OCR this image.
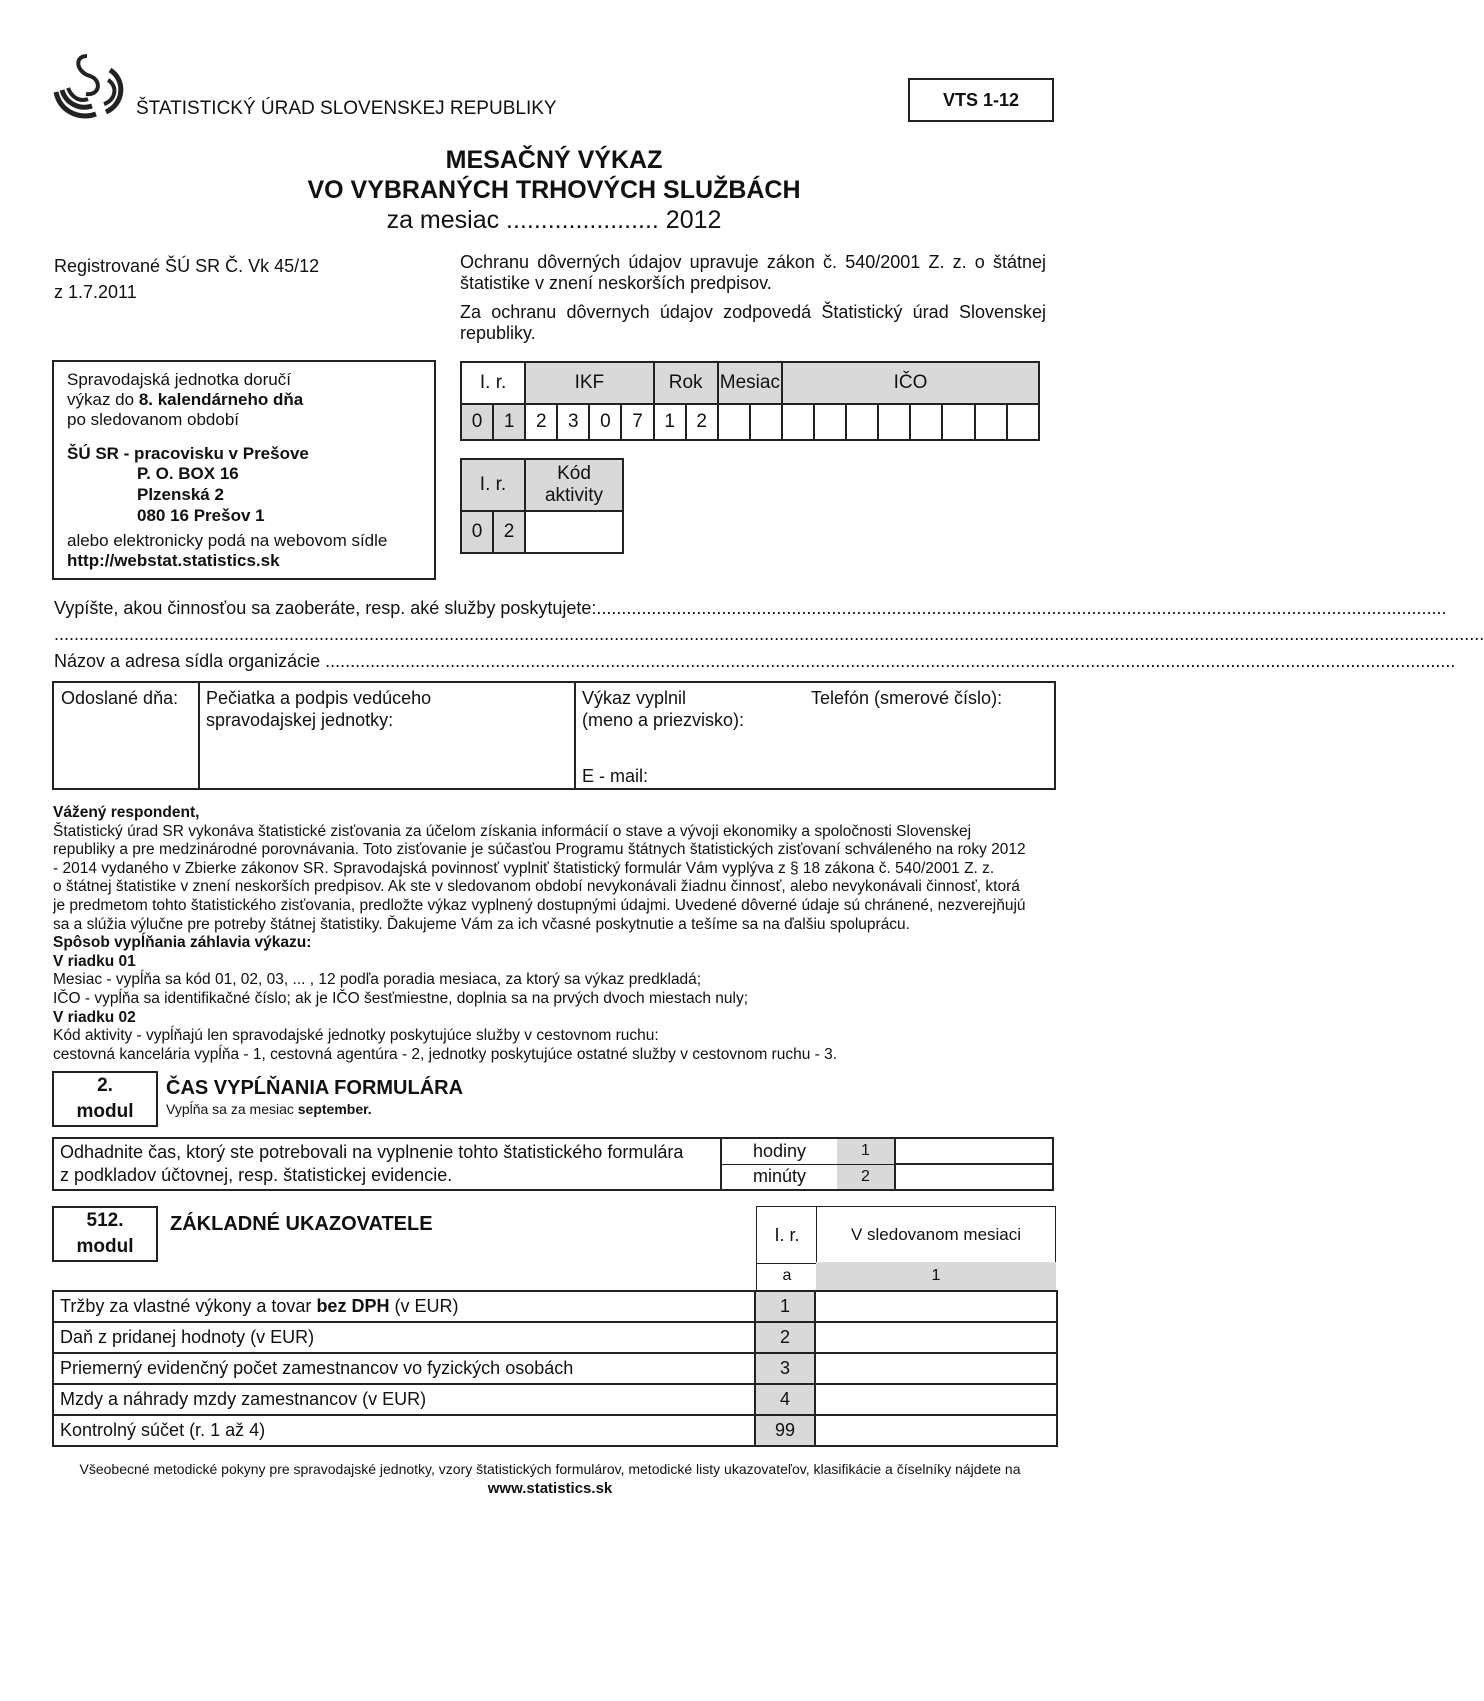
ŠTATISTICKÝ ÚRAD SLOVENSKEJ REPUBLIKY	VTS 1-12
MESAČNÝ VÝKAZ
VO VYBRANÝCH TRHOVÝCH SLUŽBÁCH
za mesiac ...................... 2012
Registrované ŠÚ SR Č. Vk 45/12
z 1.7.2011
Ochranu dôverných údajov upravuje zákon č. 540/2001 Z. z. o štátnej štatistike v znení neskorších predpisov.
Za ochranu dôvernych údajov zodpovedá Štatistický úrad Slovenskej republiky.
Spravodajská jednotka doručí
výkaz do 8. kalendárneho dňa
po sledovanom období
ŠÚ SR - pracovisku v Prešove
P. O. BOX 16
Plzenská 2
080 16 Prešov 1
alebo elektronicky podá na webovom sídle
http://webstat.statistics.sk
I. r.		IKF				Rok		Mesiac		IČO							
0	1	2	3	0	7	1	2										
I. r.		Kód
aktivity
0	2	
Vypíšte, akou činnosťou sa zaoberáte, resp. aké služby poskytujete:..........................................................................................................................................................................
..............................................................................................................................................................................................................................................................................................
Názov a adresa sídla organizácie ..................................................................................................................................................................................................................................
Odoslané dňa: Pečiatka a podpis vedúceho
spravodajskej jednotky:
Výkaz vyplnil
(meno a priezvisko):
Telefón (smerové číslo):
E - mail:
Vážený respondent,
Štatistický úrad SR vykonáva štatistické zisťovania za účelom získania informácií o stave a vývoji ekonomiky a spoločnosti Slovenskej
republiky a pre medzinárodné porovnávania. Toto zisťovanie je súčasťou Programu štátnych štatistických zisťovaní schváleného na roky 2012
- 2014 vydaného v Zbierke zákonov SR. Spravodajská povinnosť vyplniť štatistický formulár Vám vyplýva z § 18 zákona č. 540/2001 Z. z.
o štátnej štatistike v znení neskorších predpisov. Ak ste v sledovanom období nevykonávali žiadnu činnosť, alebo nevykonávali činnosť, ktorá
je predmetom tohto štatistického zisťovania, predložte výkaz vyplnený dostupnými údajmi. Uvedené dôverné údaje sú chránené, nezverejňujú
sa a slúžia výlučne pre potreby štátnej štatistiky. Ďakujeme Vám za ich včasné poskytnutie a tešíme sa na ďalšiu spoluprácu.
Spôsob vypĺňania záhlavia výkazu:
V riadku 01
Mesiac - vypĺňa sa kód 01, 02, 03, ... , 12 podľa poradia mesiaca, za ktorý sa výkaz predkladá;
IČO - vypĺňa sa identifikačné číslo; ak je IČO šesťmiestne, doplnia sa na prvých dvoch miestach nuly;
V riadku 02
Kód aktivity - vypĺňajú len spravodajské jednotky poskytujúce služby v cestovnom ruchu:
cestovná kancelária vypĺňa - 1, cestovná agentúra - 2, jednotky poskytujúce ostatné služby v cestovnom ruchu - 3.
2.
modul
ČAS VYPĹŇANIA FORMULÁRA
Vypĺňa sa za mesiac september.
Odhadnite čas, ktorý ste potrebovali na vyplnenie tohto štatistického formulára
z podkladov účtovnej, resp. štatistickej evidencie.	hodiny	1	
	minúty	2	
512.
modul
ZÁKLADNÉ UKAZOVATELE	I. r.	V sledovanom mesiaci
a	1
Tržby za vlastné výkony a tovar bez DPH (v EUR)	1	
Daň z pridanej hodnoty (v EUR)	2	
Priemerný evidenčný počet zamestnancov vo fyzických osobách	3	
Mzdy a náhrady mzdy zamestnancov (v EUR)	4	
Kontrolný súčet (r. 1 až 4)	99	
Všeobecné metodické pokyny pre spravodajské jednotky, vzory štatistických formulárov, metodické listy ukazovateľov, klasifikácie a číselníky nájdete na
www.statistics.sk
